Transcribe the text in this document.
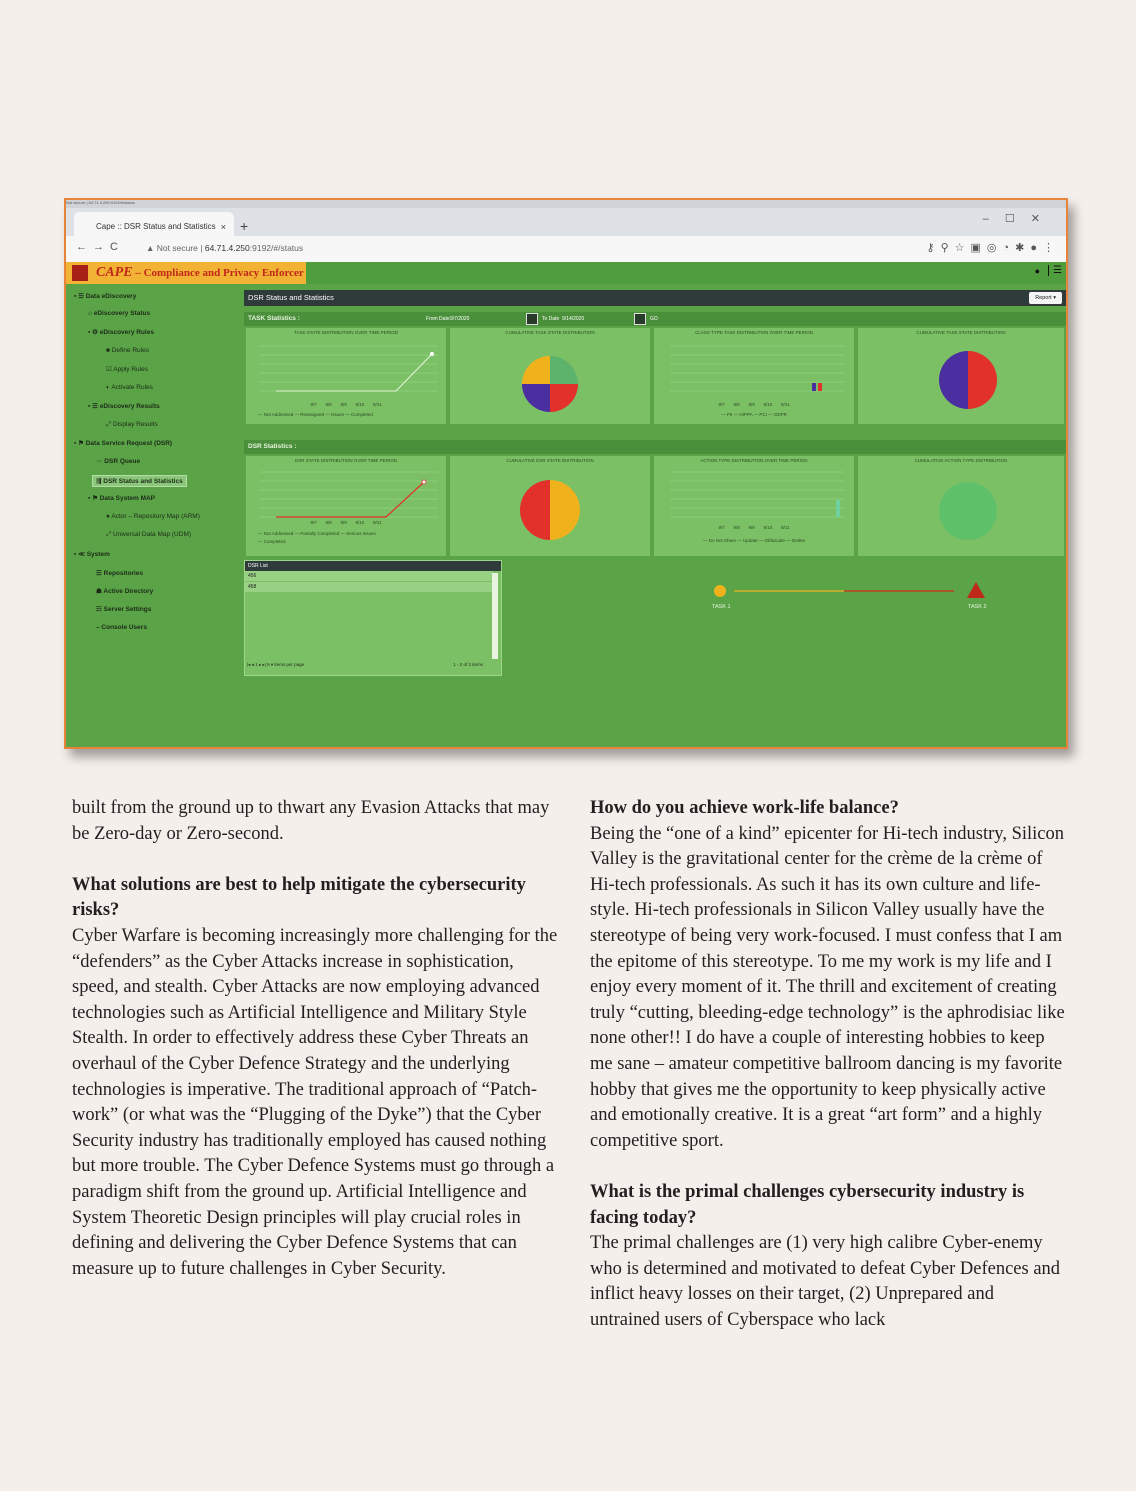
Not secure | 64.71.4.250:9192/#/status
Cape :: DSR Status and Statistics × +	–☐✕
←→C	▲ Not secure | 64.71.4.250:9192/#/status	⚷⚲☆▣◎◔✱●⋮
CAPE – Compliance and Privacy Enforcer	●	☰
▪ ☰ Data eDiscovery
⌂ eDiscovery Status
▪ ⚙ eDiscovery Rules
■ Define Rules
☑ Apply Rules
◐ Activate Rules
▪ ☰ eDiscovery Results
⤢ Display Results
▪ ⚑ Data Service Request (DSR)
⇔ DSR Queue
⇶ DSR Status and Statistics
▪ ⚑ Data System MAP
● Actor – Repository Map (ARM)
⤢ Universal Data Map (UDM)
▪ ≪ System
☰ Repositories
☗ Active Directory
☷ Server Settings
– Console Users
DSR Status and Statistics	Report ▾
TASK Statistics :	From Date 9/7/2020	To Date 9/14/2020	GO
TASK STATE DISTRIBUTION OVER TIME PERIOD
9/7       9/8       9/9       9/10       9/11
— Not Addressed — Reassigned — Issues — Completed
CUMULATIVE TASK STATE DISTRIBUTION	CLASS TYPE TASK DISTRIBUTION OVER TIME PERIOD
9/7       9/8       9/9       9/10       9/11
— PII — HIPPA — PCI — GDPR
CUMULATIVE TASK STATE DISTRIBUTION
DSR Statistics :
DSR STATE DISTRIBUTION OVER TIME PERIOD
9/7       9/8       9/9       9/10       9/11
— Not Addressed — Partially Completed — Serious Issues
— Completed
CUMULATIVE DSR STATE DISTRIBUTION	ACTION TYPE DISTRIBUTION OVER TIME PERIOD
9/7       9/8       9/9       9/10       9/11
— Do Not Share — Update — Obfuscate — Delete
CUMULATIVE ACTION TYPE DISTRIBUTION
DSR List
456
458
|◂ ◂ 1 ▸ ▸| 5 ▾ items per page	1 - 2 of 2 items
TASK 1	TASK 2

built from the ground up to thwart any Evasion Attacks that may be Zero-day or Zero-second.

What solutions are best to help mitigate the cybersecurity risks?

Cyber Warfare is becoming increasingly more challenging for the “defenders” as the Cyber Attacks increase in sophistication, speed, and stealth. Cyber Attacks are now employing advanced technologies such as Artificial Intelligence and Military Style Stealth. In order to effectively address these Cyber Threats an overhaul of the Cyber Defence Strategy and the underlying technologies is imperative. The traditional approach of “Patch-work” (or what was the “Plugging of the Dyke”) that the Cyber Security industry has traditionally employed has caused nothing but more trouble. The Cyber Defence Systems must go through a paradigm shift from the ground up. Artificial Intelligence and System Theoretic Design principles will play crucial roles in defining and delivering the Cyber Defence Systems that can measure up to future challenges in Cyber Security.

How do you achieve work-life balance?

Being the “one of a kind” epicenter for Hi-tech industry, Silicon Valley is the gravitational center for the crème de la crème of Hi-tech professionals. As such it has its own culture and life-style. Hi-tech professionals in Silicon Valley usually have the stereotype of being very work-focused. I must confess that I am the epitome of this stereotype. To me my work is my life and I enjoy every moment of it. The thrill and excitement of creating truly “cutting, bleeding-edge technology” is the aphrodisiac like none other!! I do have a couple of interesting hobbies to keep me sane – amateur competitive ballroom dancing is my favorite hobby that gives me the opportunity to keep physically active and emotionally creative. It is a great “art form” and a highly competitive sport.

What is the primal challenges cybersecurity industry is facing today?

The primal challenges are (1) very high calibre Cyber-enemy who is determined and motivated to defeat Cyber Defences and inflict heavy losses on their target, (2) Unprepared and untrained users of Cyberspace who lack
